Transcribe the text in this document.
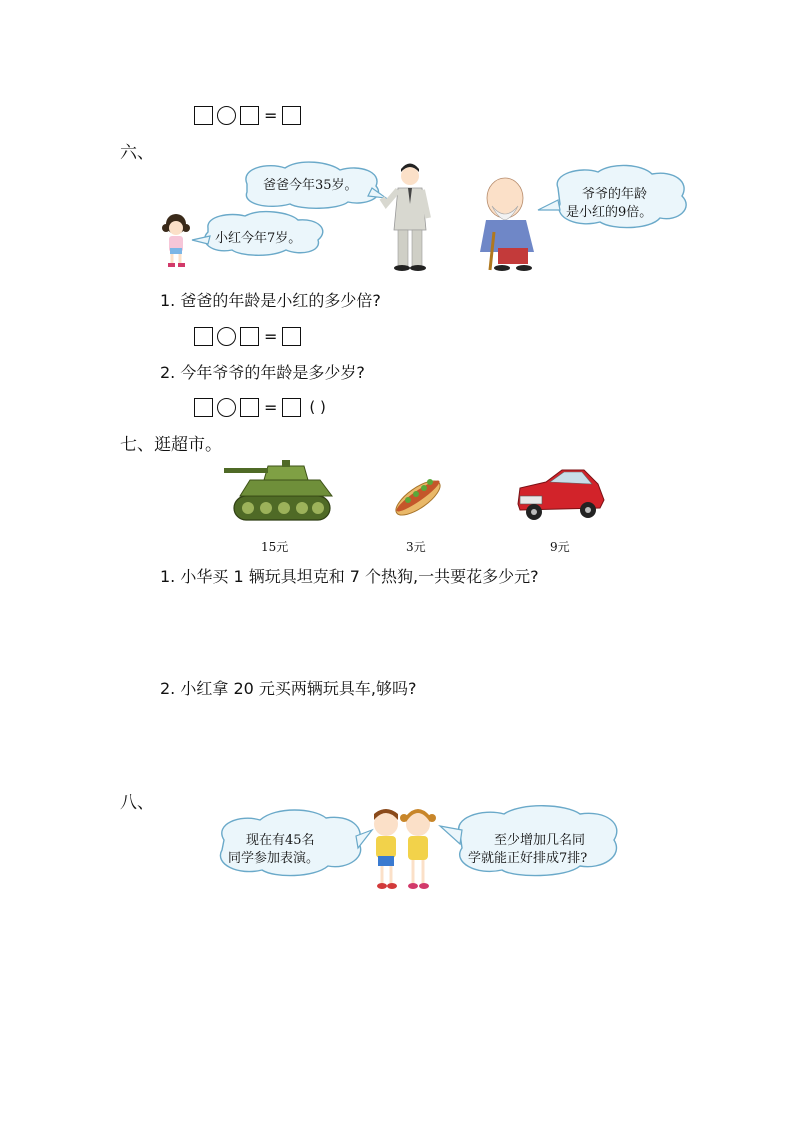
=
六、
爸爸今年35岁。
小红今年7岁。
爷爷的年龄
是小红的9倍。
1. 爸爸的年龄是小红的多少倍?
=
2. 今年爷爷的年龄是多少岁?
= ( )
七、逛超市。
15元	3元	9元
1. 小华买 1 辆玩具坦克和 7 个热狗,一共要花多少元?
2. 小红拿 20 元买两辆玩具车,够吗?
八、
现在有45名
同学参加表演。
至少增加几名同
学就能正好排成7排?
